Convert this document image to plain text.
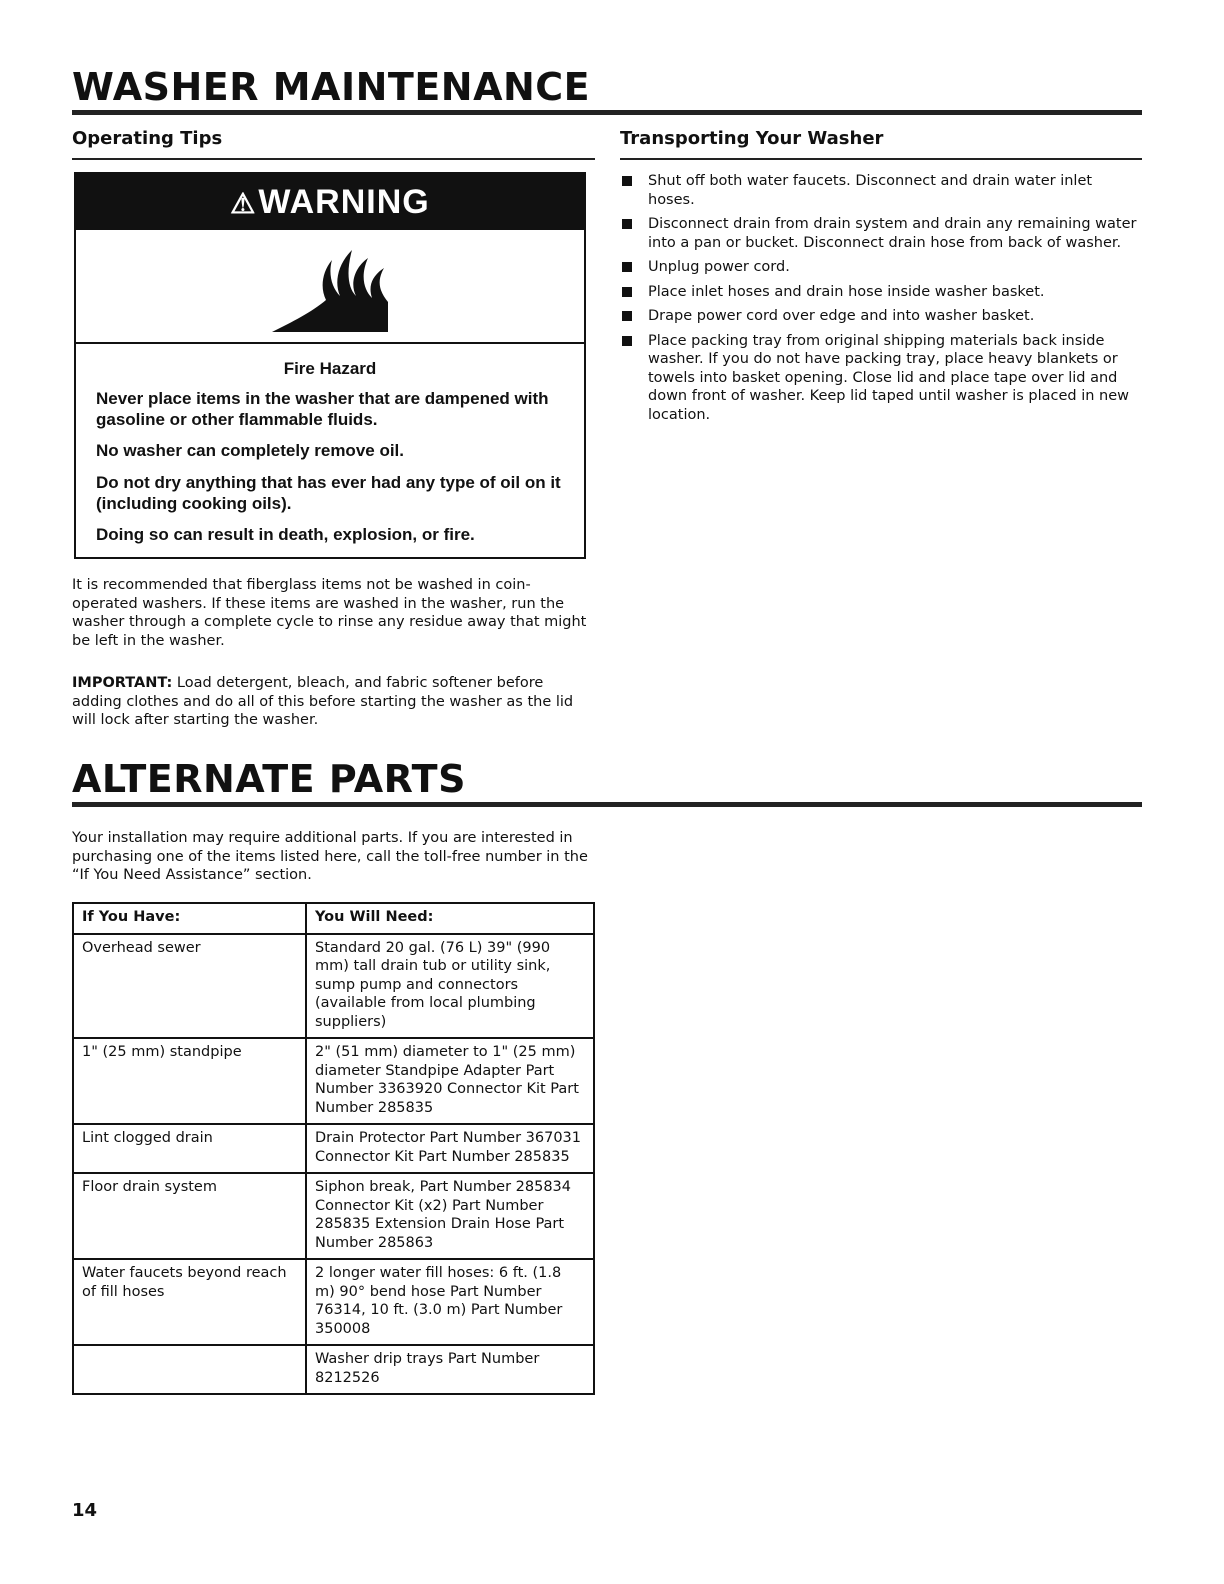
WASHER MAINTENANCE
Operating Tips
⚠WARNING
Fire Hazard
Never place items in the washer that are dampened with gasoline or other flammable fluids.
No washer can completely remove oil.
Do not dry anything that has ever had any type of oil on it (including cooking oils).
Doing so can result in death, explosion, or fire.

It is recommended that fiberglass items not be washed in coin-operated washers. If these items are washed in the washer, run the washer through a complete cycle to rinse any residue away that might be left in the washer.

IMPORTANT: Load detergent, bleach, and fabric softener before adding clothes and do all of this before starting the washer as the lid will lock after starting the washer.

Transporting Your Washer
Shut off both water faucets. Disconnect and drain water inlet hoses.
Disconnect drain from drain system and drain any remaining water into a pan or bucket. Disconnect drain hose from back of washer.
Unplug power cord.
Place inlet hoses and drain hose inside washer basket.
Drape power cord over edge and into washer basket.
Place packing tray from original shipping materials back inside washer. If you do not have packing tray, place heavy blankets or towels into basket opening. Close lid and place tape over lid and down front of washer. Keep lid taped until washer is placed in new location.
ALTERNATE PARTS

Your installation may require additional parts. If you are interested in purchasing one of the items listed here, call the toll-free number in the “If You Need Assistance” section.

If You Have:	You Will Need:
Overhead sewer	Standard 20 gal. (76 L) 39" (990 mm) tall drain tub or utility sink, sump pump and connectors (available from local plumbing suppliers)
1" (25 mm) standpipe	2" (51 mm) diameter to 1" (25 mm) diameter Standpipe Adapter Part Number 3363920 Connector Kit Part Number 285835
Lint clogged drain	Drain Protector Part Number 367031 Connector Kit Part Number 285835
Floor drain system	Siphon break, Part Number 285834 Connector Kit (x2) Part Number 285835 Extension Drain Hose Part Number 285863
Water faucets beyond reach of fill hoses	2 longer water fill hoses: 6 ft. (1.8 m) 90° bend hose Part Number 76314, 10 ft. (3.0 m) Part Number 350008
	Washer drip trays Part Number 8212526
14
